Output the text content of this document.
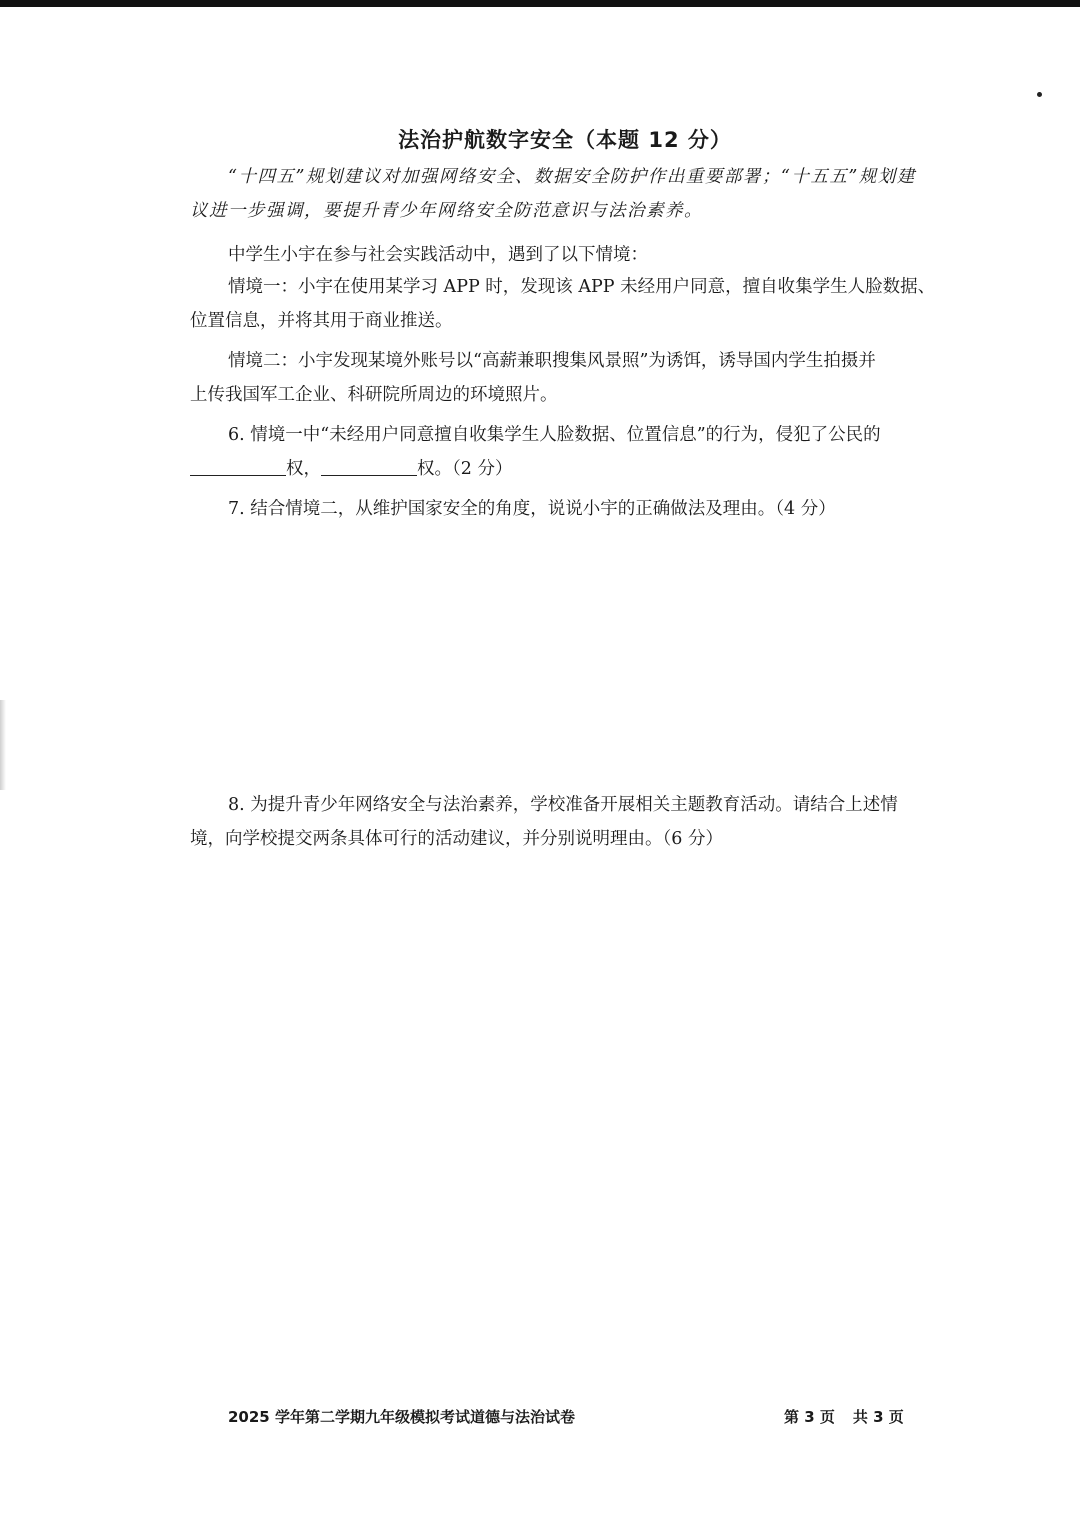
法治护航数字安全（本题 12 分）
“十四五”规划建议对加强网络安全、数据安全防护作出重要部署；“十五五”规划建
议进一步强调，要提升青少年网络安全防范意识与法治素养。
中学生小宇在参与社会实践活动中，遇到了以下情境：
情境一：小宇在使用某学习 APP 时，发现该 APP 未经用户同意，擅自收集学生人脸数据、
位置信息，并将其用于商业推送。
情境二：小宇发现某境外账号以“高薪兼职搜集风景照”为诱饵，诱导国内学生拍摄并
上传我国军工企业、科研院所周边的环境照片。
6. 情境一中“未经用户同意擅自收集学生人脸数据、位置信息”的行为，侵犯了公民的
权，	权。（2 分）
7. 结合情境二，从维护国家安全的角度，说说小宇的正确做法及理由。（4 分）
8. 为提升青少年网络安全与法治素养，学校准备开展相关主题教育活动。请结合上述情
境，向学校提交两条具体可行的活动建议，并分别说明理由。（6 分）
2025 学年第二学期九年级模拟考试道德与法治试卷	第 3 页 共 3 页
